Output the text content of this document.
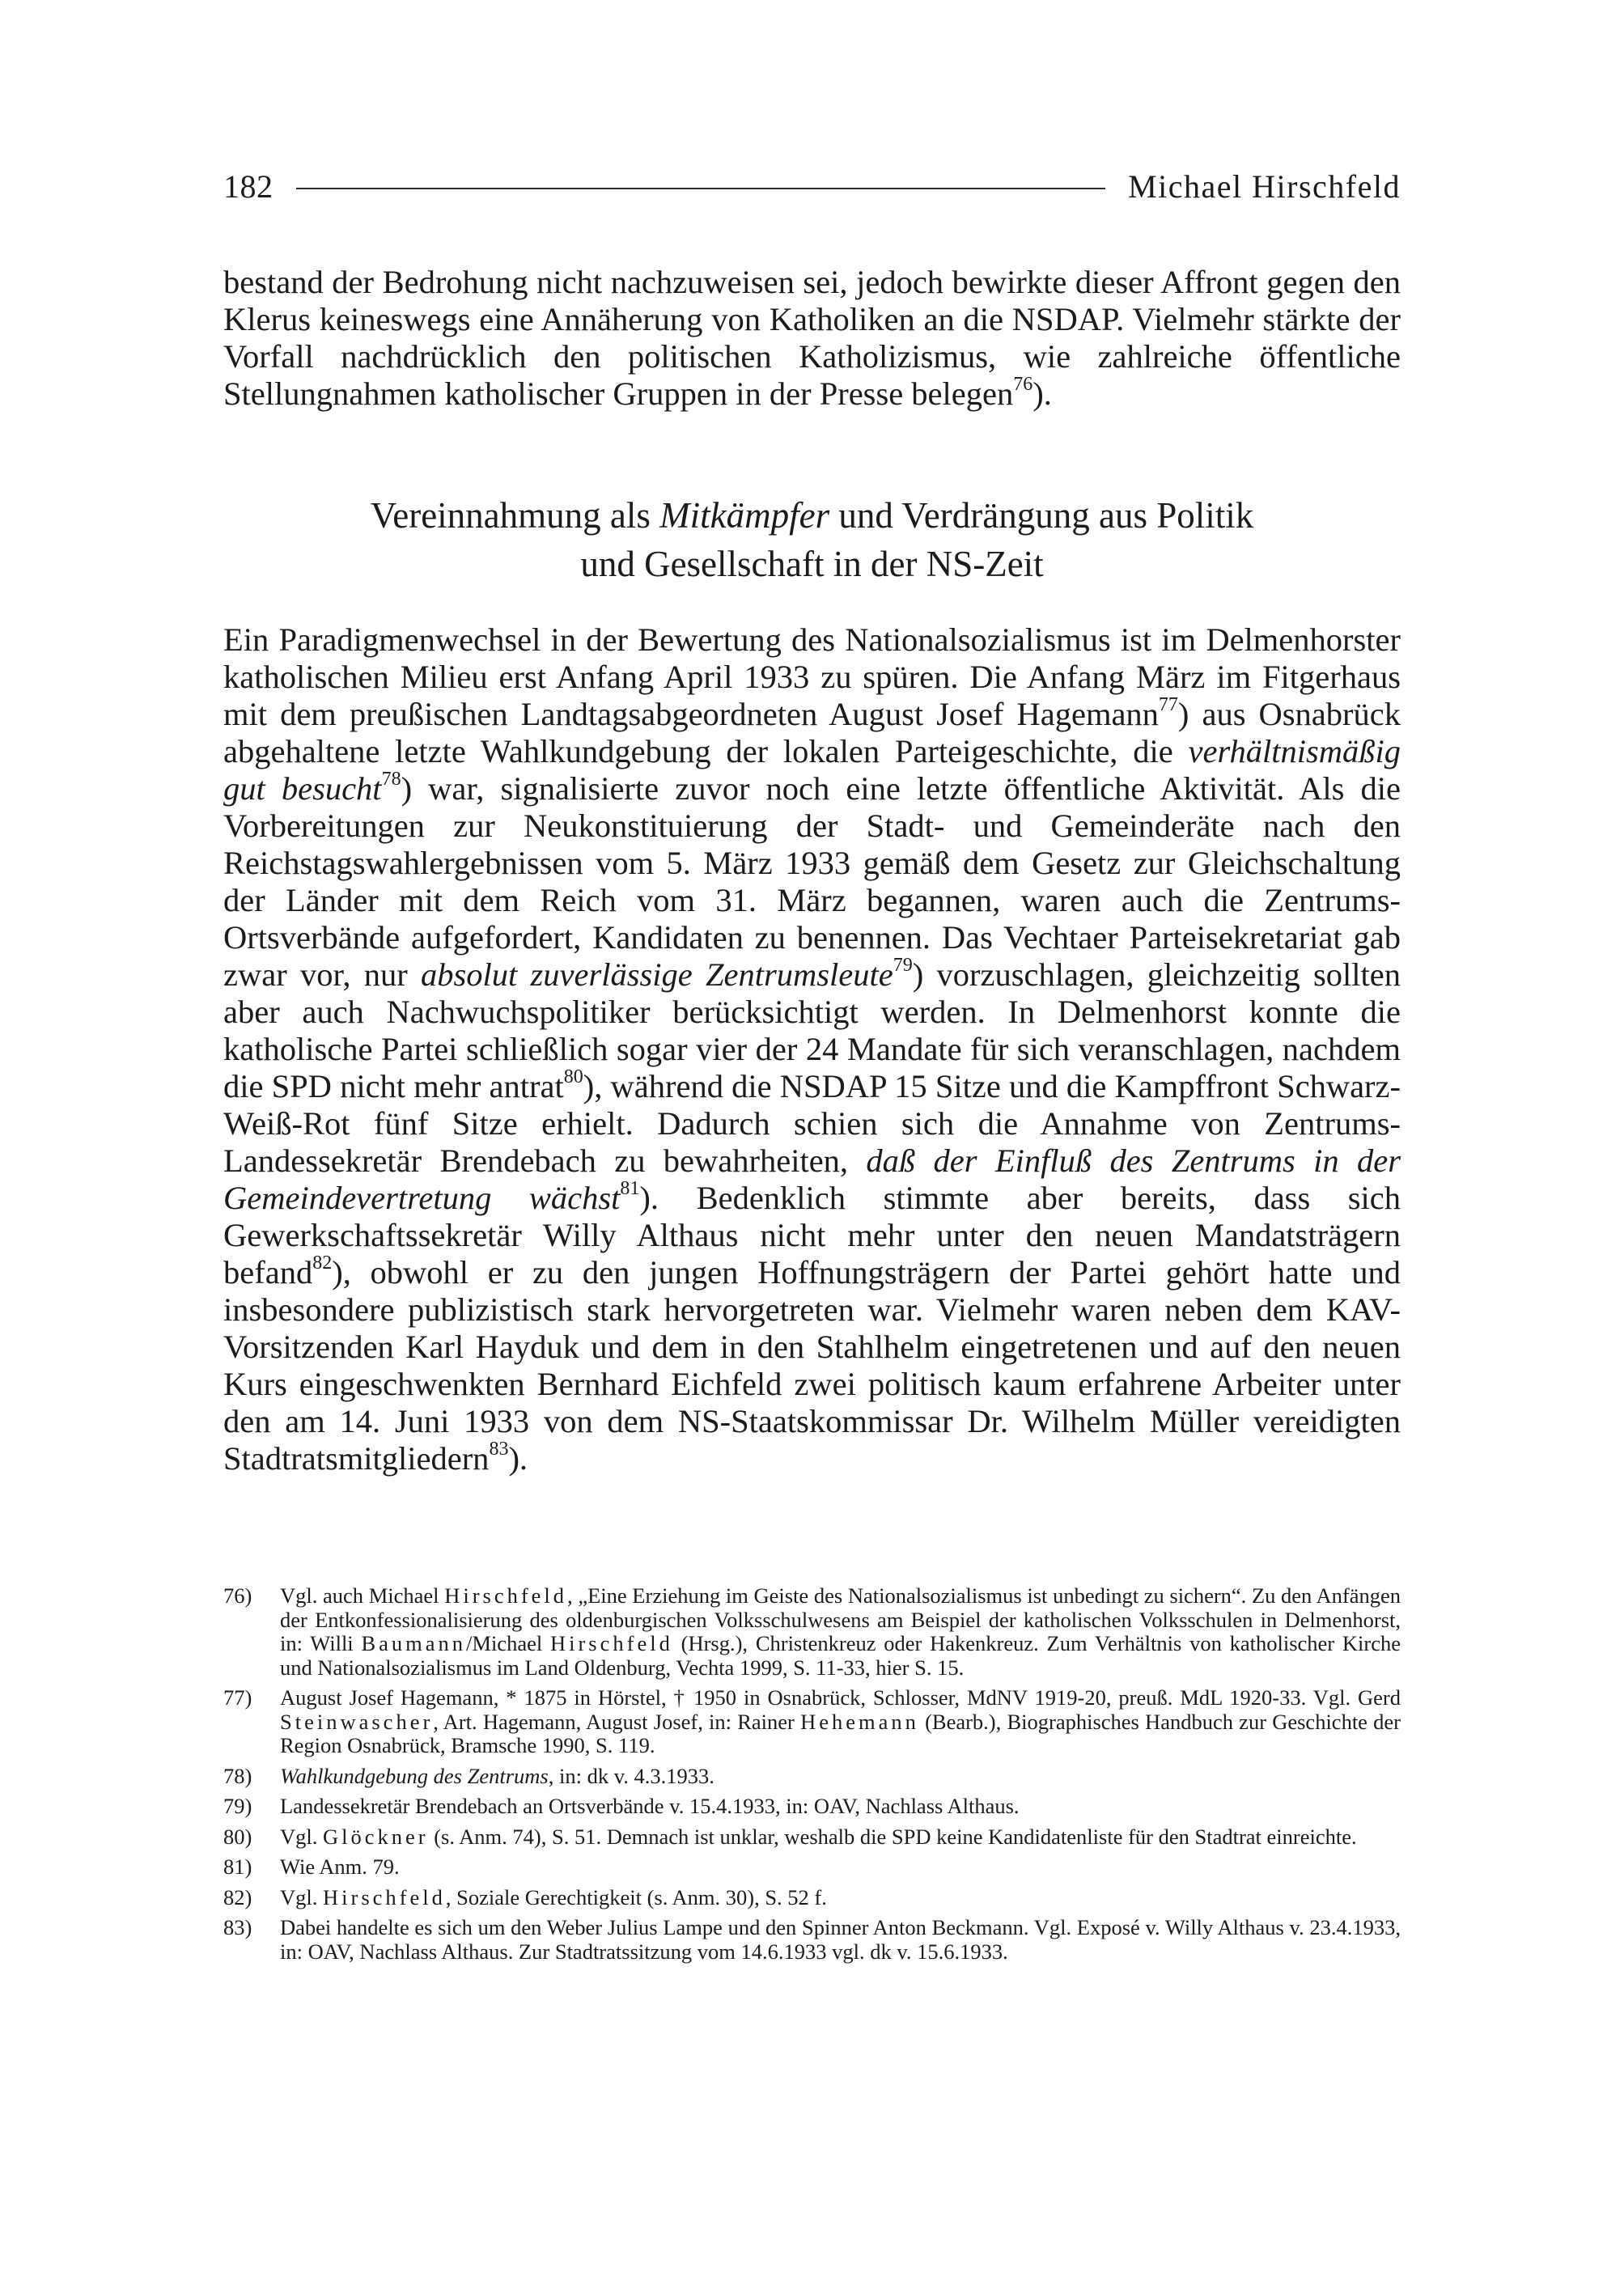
182	Michael Hirschfeld

bestand der Bedrohung nicht nachzuweisen sei, jedoch bewirkte dieser Affront gegen den Klerus keineswegs eine Annäherung von Katholiken an die NSDAP. Vielmehr stärkte der Vorfall nachdrücklich den politischen Katholizismus, wie zahlreiche öffentliche Stellungnahmen katholischer Gruppen in der Presse belegen$^{76}$).

Vereinnahmung als Mitkämpfer und Verdrängung aus Politik
und Gesellschaft in der NS-Zeit

Ein Paradigmenwechsel in der Bewertung des Nationalsozialismus ist im Delmenhorster katholischen Milieu erst Anfang April 1933 zu spüren. Die Anfang März im Fitgerhaus mit dem preußischen Landtagsabgeordneten August Josef Hagemann$^{77}$) aus Osnabrück abgehaltene letzte Wahlkundgebung der lokalen Parteigeschichte, die verhältnismäßig gut besucht$^{78}$) war, signalisierte zuvor noch eine letzte öffentliche Aktivität. Als die Vorbereitungen zur Neukonstituierung der Stadt- und Gemeinderäte nach den Reichstagswahlergebnissen vom 5. März 1933 gemäß dem Gesetz zur Gleichschaltung der Länder mit dem Reich vom 31. März begannen, waren auch die Zentrums-Ortsverbände aufgefordert, Kandidaten zu benennen. Das Vechtaer Parteisekretariat gab zwar vor, nur absolut zuverlässige Zentrumsleute$^{79}$) vorzuschlagen, gleichzeitig sollten aber auch Nachwuchspolitiker berücksichtigt werden. In Delmenhorst konnte die katholische Partei schließlich sogar vier der 24 Mandate für sich veranschlagen, nachdem die SPD nicht mehr antrat$^{80}$), während die NSDAP 15 Sitze und die Kampffront Schwarz-Weiß-Rot fünf Sitze erhielt. Dadurch schien sich die Annahme von Zentrums-Landessekretär Brendebach zu bewahrheiten, daß der Einfluß des Zentrums in der Gemeindevertretung wächst$^{81}$). Bedenklich stimmte aber bereits, dass sich Gewerkschaftssekretär Willy Althaus nicht mehr unter den neuen Mandatsträgern befand$^{82}$), obwohl er zu den jungen Hoffnungsträgern der Partei gehört hatte und insbesondere publizistisch stark hervorgetreten war. Vielmehr waren neben dem KAV-Vorsitzenden Karl Hayduk und dem in den Stahlhelm eingetretenen und auf den neuen Kurs eingeschwenkten Bernhard Eichfeld zwei politisch kaum erfahrene Arbeiter unter den am 14. Juni 1933 von dem NS-Staatskommissar Dr. Wilhelm Müller vereidigten Stadtratsmitgliedern$^{83}$).

76)	Vgl. auch Michael Hirschfeld, „Eine Erziehung im Geiste des Nationalsozialismus ist unbedingt zu sichern“. Zu den Anfängen der Entkonfessionalisierung des oldenburgischen Volksschulwesens am Beispiel der katholischen Volksschulen in Delmenhorst, in: Willi Baumann/Michael Hirschfeld (Hrsg.), Christenkreuz oder Hakenkreuz. Zum Verhältnis von katholischer Kirche und Nationalsozialismus im Land Oldenburg, Vechta 1999, S. 11-33, hier S. 15.
77)	August Josef Hagemann, * 1875 in Hörstel, † 1950 in Osnabrück, Schlosser, MdNV 1919-20, preuß. MdL 1920-33. Vgl. Gerd Steinwascher, Art. Hagemann, August Josef, in: Rainer Hehemann (Bearb.), Biographisches Handbuch zur Geschichte der Region Osnabrück, Bramsche 1990, S. 119.
78)	Wahlkundgebung des Zentrums, in: dk v. 4.3.1933.
79)	Landessekretär Brendebach an Ortsverbände v. 15.4.1933, in: OAV, Nachlass Althaus.
80)	Vgl. Glöckner (s. Anm. 74), S. 51. Demnach ist unklar, weshalb die SPD keine Kandidatenliste für den Stadtrat einreichte.
81)	Wie Anm. 79.
82)	Vgl. Hirschfeld, Soziale Gerechtigkeit (s. Anm. 30), S. 52 f.
83)	Dabei handelte es sich um den Weber Julius Lampe und den Spinner Anton Beckmann. Vgl. Exposé v. Willy Althaus v. 23.4.1933, in: OAV, Nachlass Althaus. Zur Stadtratssitzung vom 14.6.1933 vgl. dk v. 15.6.1933.
